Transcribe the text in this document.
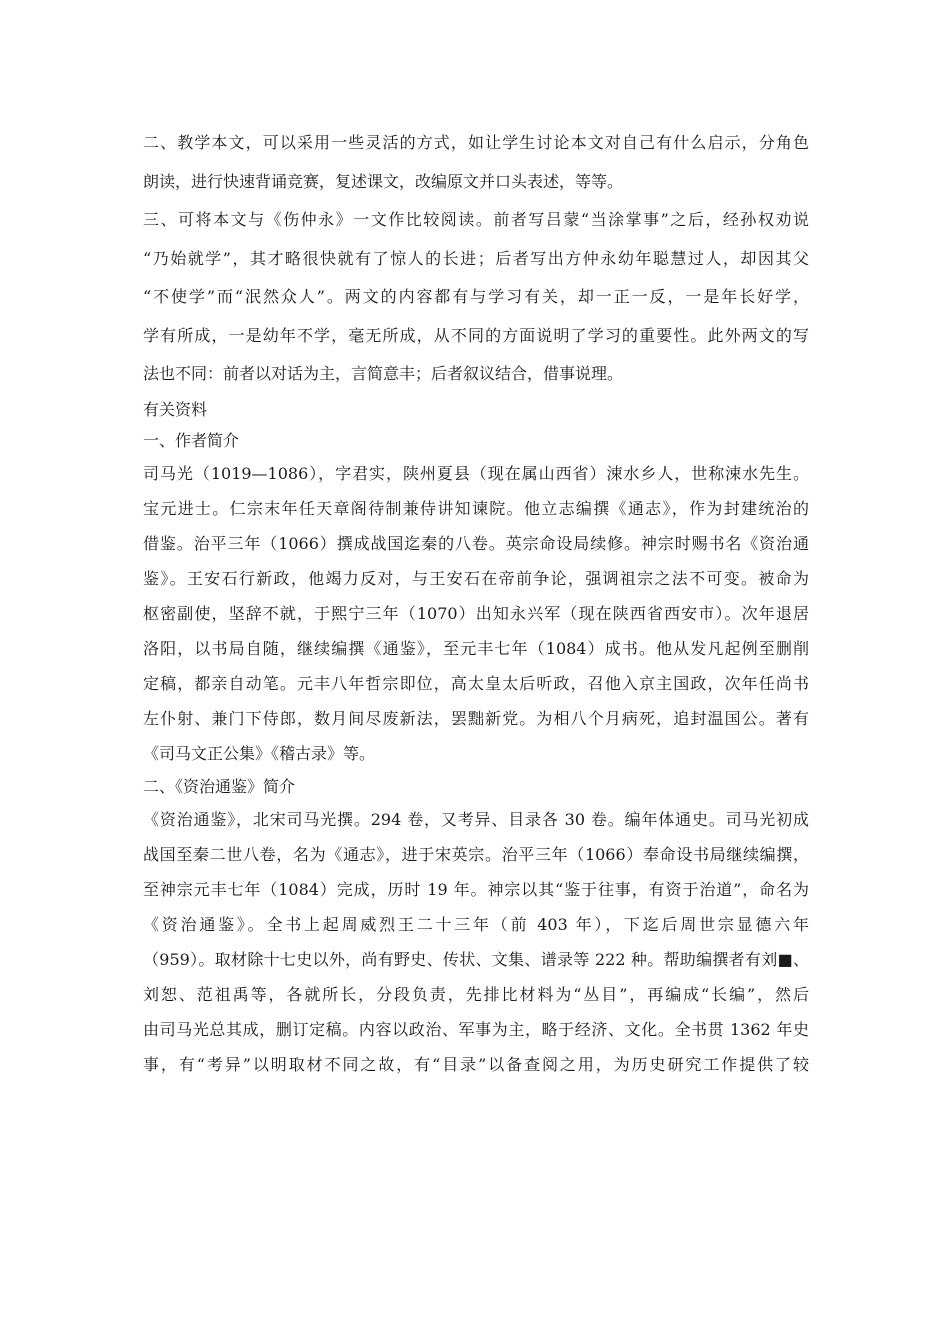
二、教学本文，可以采用一些灵活的方式，如让学生讨论本文对自己有什么启示，分角色

朗读，进行快速背诵竞赛，复述课文，改编原文并口头表述，等等。

三、可将本文与《伤仲永》一文作比较阅读。前者写吕蒙“当涂掌事”之后，经孙权劝说

“乃始就学”，其才略很快就有了惊人的长进；后者写出方仲永幼年聪慧过人，却因其父

“不使学”而“泯然众人”。两文的内容都有与学习有关，却一正一反，一是年长好学，

学有所成，一是幼年不学，毫无所成，从不同的方面说明了学习的重要性。此外两文的写

法也不同：前者以对话为主，言简意丰；后者叙议结合，借事说理。

有关资料

一、作者简介

司马光（1019—1086），字君实，陕州夏县（现在属山西省）涑水乡人，世称涑水先生。

宝元进士。仁宗末年任天章阁待制兼侍讲知谏院。他立志编撰《通志》，作为封建统治的

借鉴。治平三年（1066）撰成战国迄秦的八卷。英宗命设局续修。神宗时赐书名《资治通

鉴》。王安石行新政，他竭力反对，与王安石在帝前争论，强调祖宗之法不可变。被命为

枢密副使，坚辞不就，于熙宁三年（1070）出知永兴军（现在陕西省西安市）。次年退居

洛阳，以书局自随，继续编撰《通鉴》，至元丰七年（1084）成书。他从发凡起例至删削

定稿，都亲自动笔。元丰八年哲宗即位，高太皇太后听政，召他入京主国政，次年任尚书

左仆射、兼门下侍郎，数月间尽废新法，罢黜新党。为相八个月病死，追封温国公。著有

《司马文正公集》《稽古录》等。

二、《资治通鉴》简介

《资治通鉴》，北宋司马光撰。294 卷，又考异、目录各 30 卷。编年体通史。司马光初成

战国至秦二世八卷，名为《通志》，进于宋英宗。治平三年（1066）奉命设书局继续编撰，

至神宗元丰七年（1084）完成，历时 19 年。神宗以其“鉴于往事，有资于治道”，命名为

《资治通鉴》。全书上起周威烈王二十三年（前 403 年），下迄后周世宗显德六年

（959）。取材除十七史以外，尚有野史、传状、文集、谱录等 222 种。帮助编撰者有刘■、

刘恕、范祖禹等，各就所长，分段负责，先排比材料为“丛目”，再编成“长编”，然后

由司马光总其成，删订定稿。内容以政治、军事为主，略于经济、文化。全书贯 1362 年史

事，有“考异”以明取材不同之故，有“目录”以备查阅之用，为历史研究工作提供了较
